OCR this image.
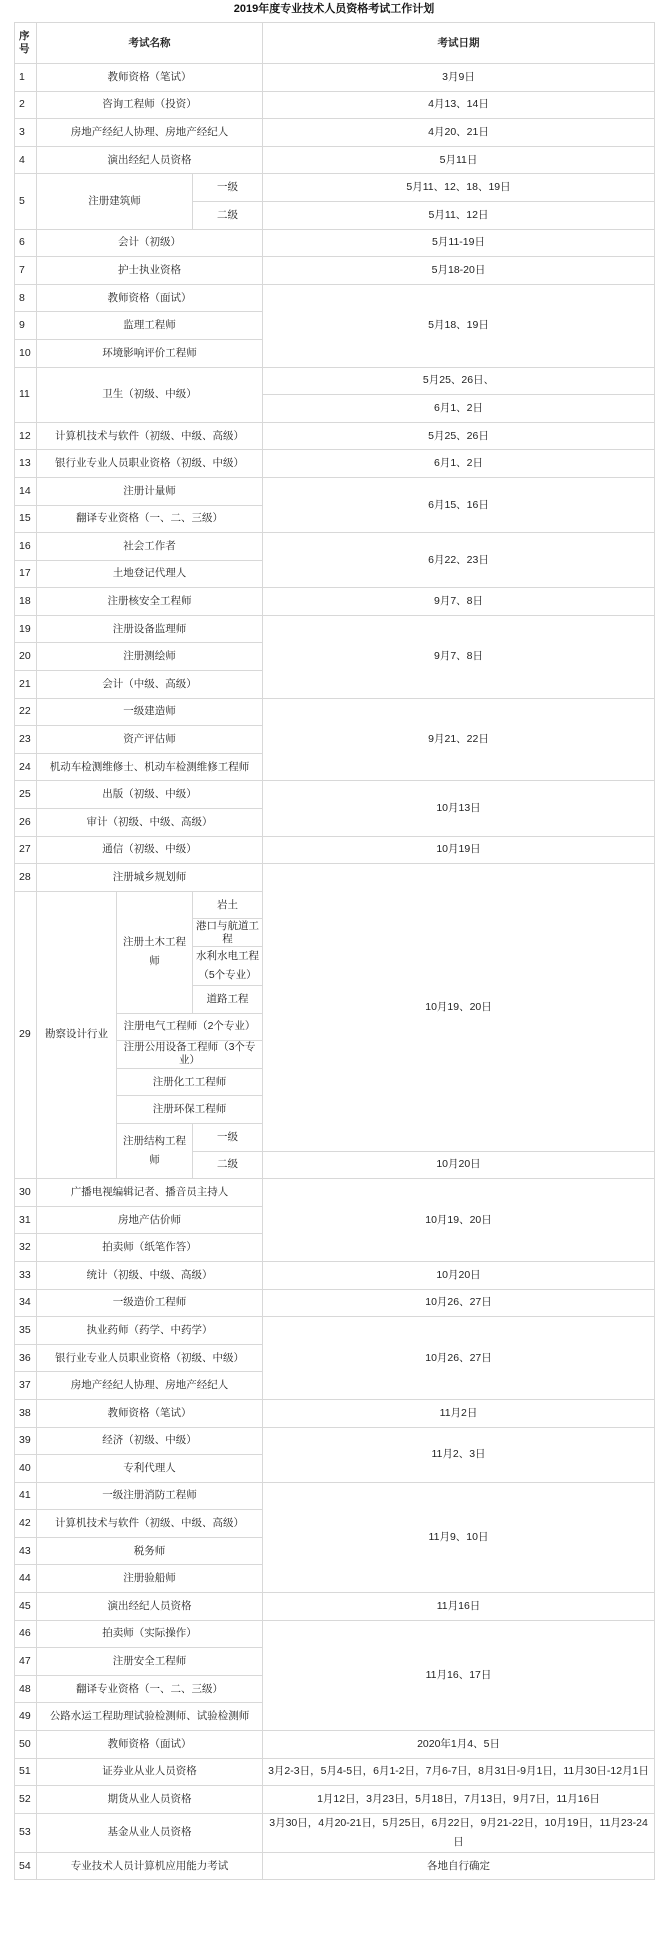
2019年度专业技术人员资格考试工作计划
序号	考试名称			考试日期
1	教师资格（笔试）			3月9日
2	咨询工程师（投资）			4月13、14日
3	房地产经纪人协理、房地产经纪人			4月20、21日
4	演出经纪人员资格			5月11日
5	注册建筑师		一级	5月11、12、18、19日
			二级	5月11、12日
6	会计（初级）			5月11-19日
7	护士执业资格			5月18-20日
8	教师资格（面试）			5月18、19日
9	监理工程师			
10	环境影响评价工程师			
11	卫生（初级、中级）			5月25、26日、
				6月1、2日
12	计算机技术与软件（初级、中级、高级）			5月25、26日
13	银行业专业人员职业资格（初级、中级）			6月1、2日
14	注册计量师			6月15、16日
15	翻译专业资格（一、二、三级）			
16	社会工作者			6月22、23日
17	土地登记代理人			
18	注册核安全工程师			9月7、8日
19	注册设备监理师			9月7、8日
20	注册测绘师			
21	会计（中级、高级）			
22	一级建造师			9月21、22日
23	资产评估师			
24	机动车检测维修士、机动车检测维修工程师			
25	出版（初级、中级）			10月13日
26	审计（初级、中级、高级）			
27	通信（初级、中级）			10月19日
28	注册城乡规划师			10月19、20日
29	勘察设计行业	注册土木工程师	岩土	
			港口与航道工程	
			水利水电工程（5个专业）	

			道路工程	
		注册电气工程师（2个专业）		
		注册公用设备工程师（3个专业）		
		注册化工工程师		
		注册环保工程师		
		注册结构工程师	一级	
			二级	10月20日
30	广播电视编辑记者、播音员主持人			10月19、20日
31	房地产估价师			
32	拍卖师（纸笔作答）			
33	统计（初级、中级、高级）			10月20日
34	一级造价工程师			10月26、27日
35	执业药师（药学、中药学）			10月26、27日
36	银行业专业人员职业资格（初级、中级）			
37	房地产经纪人协理、房地产经纪人			
38	教师资格（笔试）			11月2日
39	经济（初级、中级）			11月2、3日
40	专利代理人			
41	一级注册消防工程师			11月9、10日
42	计算机技术与软件（初级、中级、高级）			
43	税务师			
44	注册验船师			
45	演出经纪人员资格			11月16日
46	拍卖师（实际操作）			11月16、17日
47	注册安全工程师			
48	翻译专业资格（一、二、三级）			
49	公路水运工程助理试验检测师、试验检测师			
50	教师资格（面试）			2020年1月4、5日
51	证券业从业人员资格			3月2-3日，5月4-5日，6月1-2日，7月6-7日，8月31日-9月1日，11月30日-12月1日

52	期货从业人员资格			1月12日，3月23日，5月18日，7月13日，9月7日，11月16日
53	基金从业人员资格			3月30日，4月20-21日，5月25日，6月22日，9月21-22日，10月19日，11月23-24日

54	专业技术人员计算机应用能力考试			各地自行确定
